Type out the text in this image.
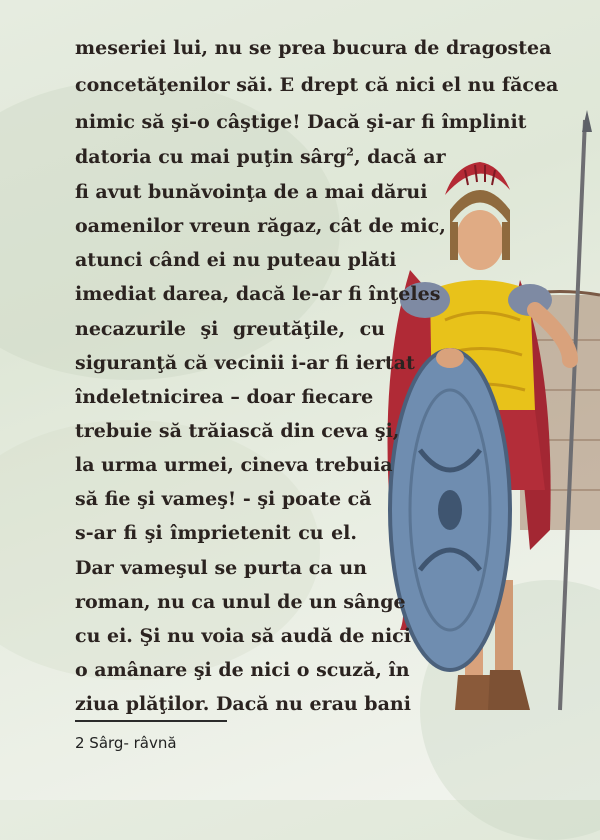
meseriei lui, nu se prea bucura de dragostea

concetăţenilor săi. E drept că nici el nu făcea

nimic să şi-o câştige! Dacă şi-ar fi împlinit

datoria cu mai puţin sârg$^2$, dacă ar

fi avut bunăvoinţa de a mai dărui

oamenilor vreun răgaz, cât de mic,

atunci când ei nu puteau plăti

imediat darea, dacă le-ar fi înţeles

necazurile şi greutăţile, cu

siguranţă că vecinii i-ar fi iertat

îndeletnicirea – doar fiecare

trebuie să trăiască din ceva şi,

la urma urmei, cineva trebuia

să fie şi vameş! - şi poate că

s-ar fi şi împrietenit cu el.

Dar vameşul se purta ca un

roman, nu ca unul de un sânge

cu ei. Şi nu voia să audă de nici

o amânare şi de nici o scuză, în

ziua plăţilor. Dacă nu erau bani

2 Sârg- râvnă
